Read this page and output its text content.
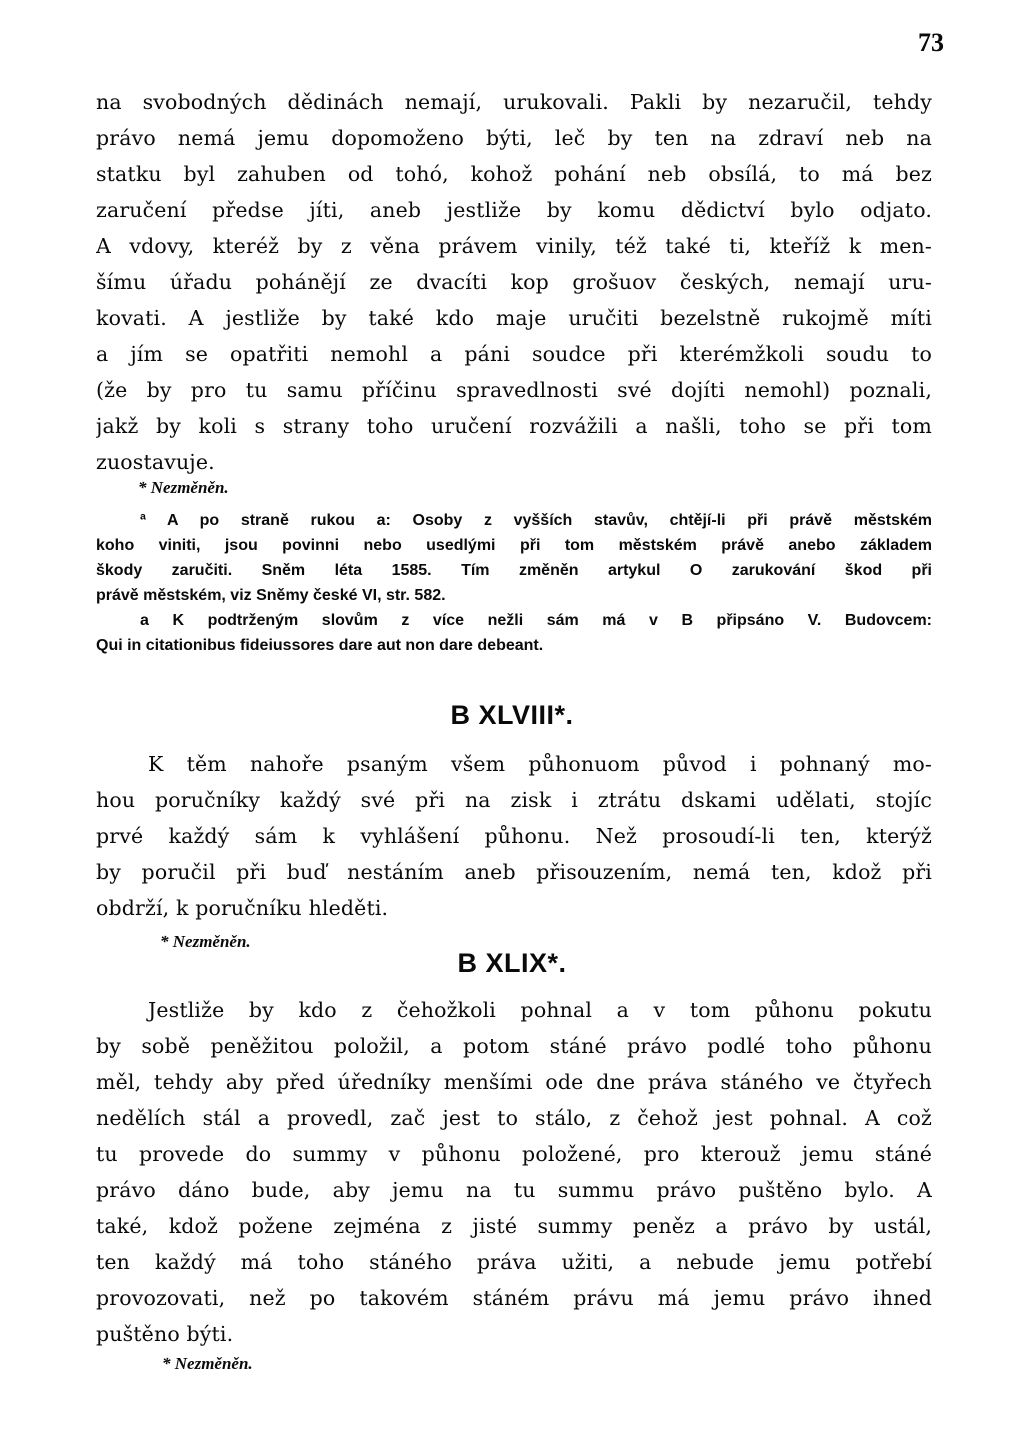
73
na svobodných dědinách nemají, urukovali. Pakli by nezaručil, tehdy
právo nemá jemu dopomoženo býti, leč by ten na zdraví neb na
statku byl zahuben od tohó, kohož pohání neb obsílá, to má bez
zaručení předse jíti, aneb jestliže by komu dědictví bylo odjato.
A vdovy, kteréž by z věna právem vinily, též také ti, kteříž k men-
šímu úřadu pohánějí ze dvacíti kop grošuov českých, nemají uru-
kovati. A jestliže by také kdo maje uručiti bezelstně rukojmě míti
a jím se opatřiti nemohl a páni soudce při kterémžkoli soudu to
(že by pro tu samu příčinu spravedlnosti své dojíti nemohl) poznali,
jakž by koli s strany toho uručení rozvážili a našli, toho se při tom
zuostavuje.
* Nezměněn.
ª A po straně rukou a: Osoby z vyšších stavův, chtějí-li při právě městském
koho viniti, jsou povinni nebo usedlými při tom městském právě anebo základem
škody zaručiti. Sněm léta 1585. Tím změněn artykul O zarukování škod při
právě městském, viz Sněmy české VI, str. 582.
a K podtrženým slovům z více nežli sám má v B připsáno V. Budovcem:
Qui in citationibus fideiussores dare aut non dare debeant.
B XLVIII*.
K těm nahoře psaným všem půhonuom původ i pohnaný mo-
hou poručníky každý své při na zisk i ztrátu dskami udělati, stojíc
prvé každý sám k vyhlášení půhonu. Než prosoudí-li ten, kterýž
by poručil při buď nestáním aneb přisouzením, nemá ten, kdož při
obdrží, k poručníku hleděti.
* Nezměněn.
B XLIX*.
Jestliže by kdo z čehožkoli pohnal a v tom půhonu pokutu
by sobě peněžitou položil, a potom stáné právo podlé toho půhonu
měl, tehdy aby před úředníky menšími ode dne práva stáného ve čtyřech
nedělích stál a provedl, zač jest to stálo, z čehož jest pohnal. A což
tu provede do summy v půhonu položené, pro kterouž jemu stáné
právo dáno bude, aby jemu na tu summu právo puštěno bylo. A
také, kdož požene zejména z jisté summy peněz a právo by ustál,
ten každý má toho stáného práva užiti, a nebude jemu potřebí
provozovati, než po takovém stáném právu má jemu právo ihned
puštěno býti.
* Nezměněn.
